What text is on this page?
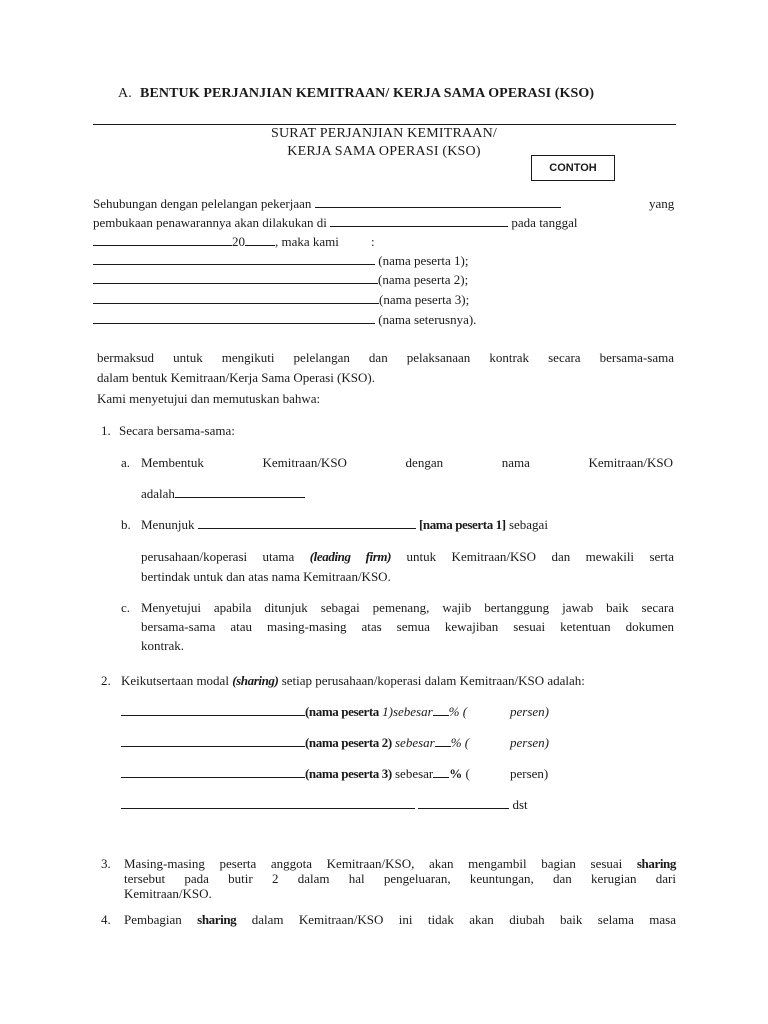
A. BENTUK PERJANJIAN KEMITRAAN/ KERJA SAMA OPERASI (KSO)
SURAT PERJANJIAN KEMITRAAN/
KERJA SAMA OPERASI (KSO)
CONTOH
Sehubungan dengan pelelangan pekerjaan	yang
pembukaan penawarannya akan dilakukan di	pada tanggal
20 , maka kami :
(nama peserta 1);
(nama peserta 2);
(nama peserta 3);
(nama seterusnya).
bermaksud untuk mengikuti pelelangan dan pelaksanaan kontrak secara bersama-sama
dalam bentuk Kemitraan/Kerja Sama Operasi (KSO).
Kami menyetujui dan memutuskan bahwa:
1. Secara bersama-sama:
a. Membentuk Kemitraan/KSO dengan nama Kemitraan/KSO
adalah
b. Menunjuk	[nama peserta 1] sebagai
perusahaan/koperasi utama (leading firm) untuk Kemitraan/KSO dan mewakili serta
bertindak untuk dan atas nama Kemitraan/KSO.
c. Menyetujui apabila ditunjuk sebagai pemenang, wajib bertanggung jawab baik secara
bersama-sama atau masing-masing atas semua kewajiban sesuai ketentuan dokumen
kontrak.
2. Keikutsertaan modal (sharing) setiap perusahaan/koperasi dalam Kemitraan/KSO adalah:
(nama peserta 1)sebesar % (	persen)
(nama peserta 2) sebesar % (	persen)
(nama peserta 3) sebesar % (	persen)
dst
3. Masing-masing peserta anggota Kemitraan/KSO, akan mengambil bagian sesuai sharing
tersebut pada butir 2 dalam hal pengeluaran, keuntungan, dan kerugian dari
Kemitraan/KSO.
4. Pembagian sharing dalam Kemitraan/KSO ini tidak akan diubah baik selama masa
